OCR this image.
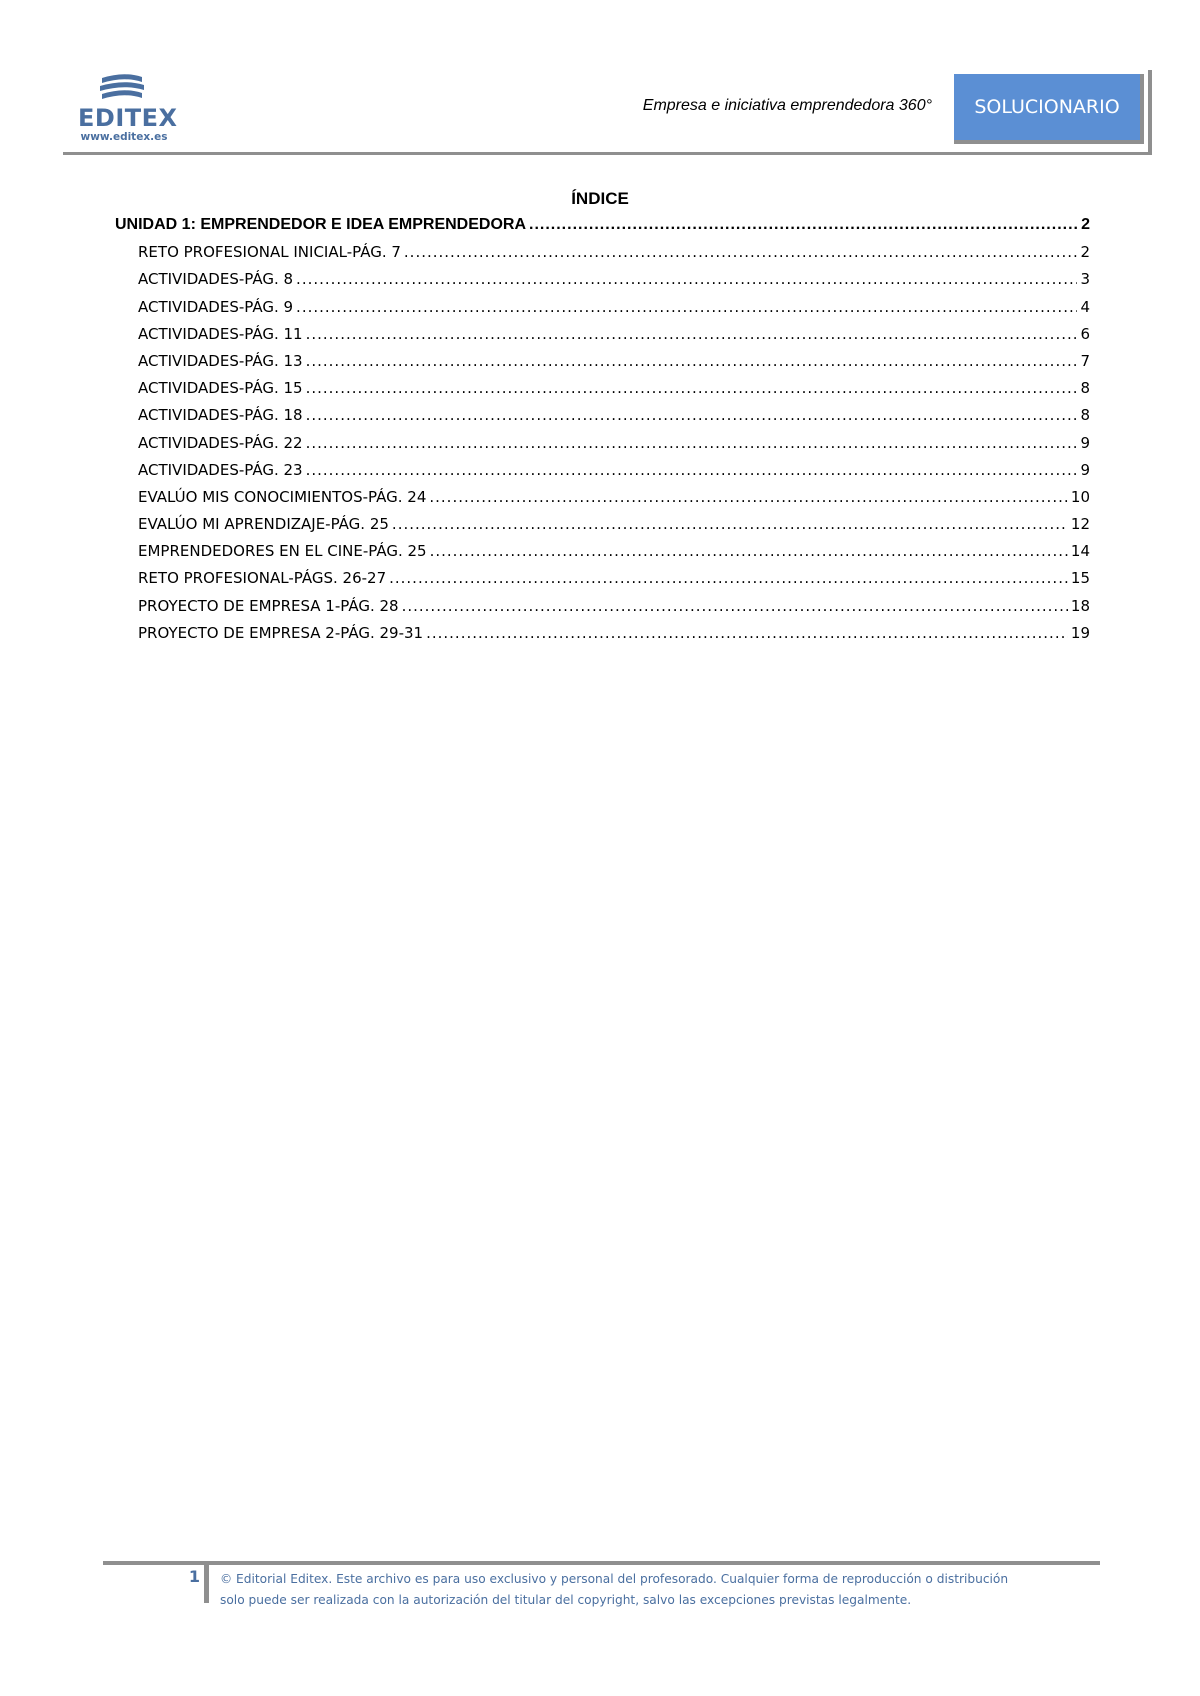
EDITEX
www.editex.es
Empresa e iniciativa emprendedora 360° SOLUCIONARIO
ÍNDICE
UNIDAD 1: EMPRENDEDOR E IDEA EMPRENDEDORA .....	2
RETO PROFESIONAL INICIAL-PÁG. 7 .....	2
ACTIVIDADES-PÁG. 8 .....	3
ACTIVIDADES-PÁG. 9 .....	4
ACTIVIDADES-PÁG. 11 .....	6
ACTIVIDADES-PÁG. 13 .....	7
ACTIVIDADES-PÁG. 15 .....	8
ACTIVIDADES-PÁG. 18 .....	8
ACTIVIDADES-PÁG. 22 .....	9
ACTIVIDADES-PÁG. 23 .....	9
EVALÚO MIS CONOCIMIENTOS-PÁG. 24 .....	10
EVALÚO MI APRENDIZAJE-PÁG. 25 .....	12
EMPRENDEDORES EN EL CINE-PÁG. 25 .....	14
RETO PROFESIONAL-PÁGS. 26-27 .....	15
PROYECTO DE EMPRESA 1-PÁG. 28 .....	18
PROYECTO DE EMPRESA 2-PÁG. 29-31 .....	19
1 © Editorial Editex. Este archivo es para uso exclusivo y personal del profesorado. Cualquier forma de reproducción o distribución
solo puede ser realizada con la autorización del titular del copyright, salvo las excepciones previstas legalmente.
